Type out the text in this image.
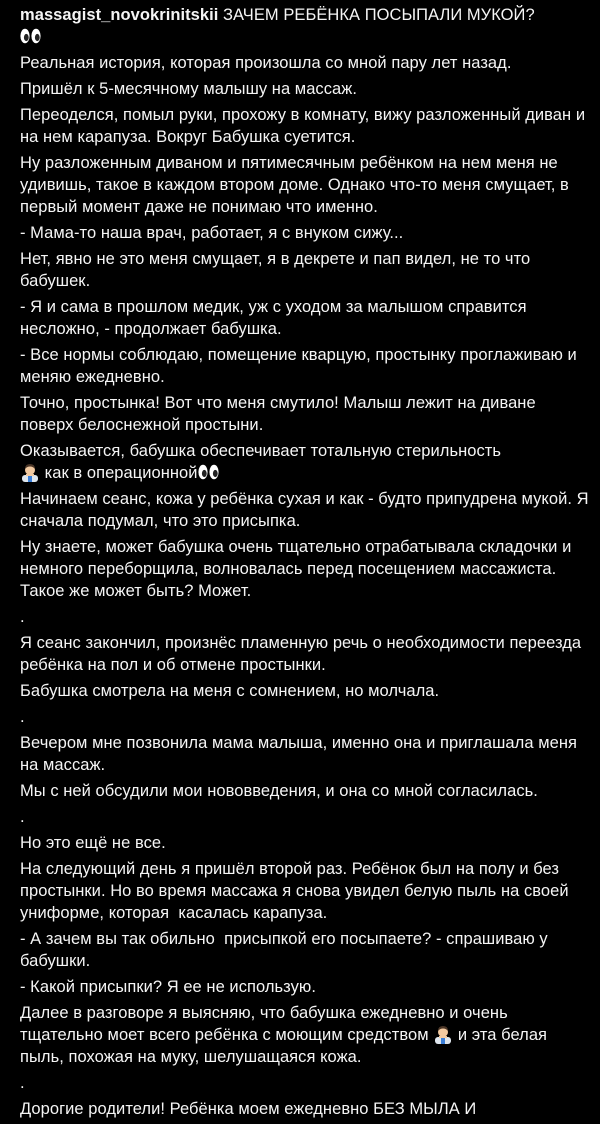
massagist_novokrinitskii ЗАЧЕМ РЕБЁНКА ПОСЫПАЛИ МУКОЙ?

Реальная история, которая произошла со мной пару лет назад.

Пришёл к 5-месячному малышу на массаж.

Переоделся, помыл руки, прохожу в комнату, вижу разложенный диван и на нем карапуза. Вокруг Бабушка суетится.

Ну разложенным диваном и пятимесячным ребёнком на нем меня не удивишь, такое в каждом втором доме. Однако что-то меня смущает, в первый момент даже не понимаю что именно.

- Мама-то наша врач, работает, я с внуком сижу...

Нет, явно не это меня смущает, я в декрете и пап видел, не то что бабушек.

- Я и сама в прошлом медик, уж с уходом за малышом справится несложно, - продолжает бабушка.

- Все нормы соблюдаю, помещение кварцую, простынку проглаживаю и меняю ежедневно.

Точно, простынка! Вот что меня смутило! Малыш лежит на диване поверх белоснежной простыни.

Оказывается, бабушка обеспечивает тотальную стерильность
как в операционной

Начинаем сеанс, кожа у ребёнка сухая и как - будто припудрена мукой. Я сначала подумал, что это присыпка.

Ну знаете, может бабушка очень тщательно отрабатывала складочки и немного переборщила, волновалась перед посещением массажиста. Такое же может быть? Может.

.

Я сеанс закончил, произнёс пламенную речь о необходимости переезда ребёнка на пол и об отмене простынки.

Бабушка смотрела на меня с сомнением, но молчала.

.

Вечером мне позвонила мама малыша, именно она и приглашала меня на массаж.

Мы с ней обсудили мои нововведения, и она со мной согласилась.

.

Но это ещё не все.

На следующий день я пришёл второй раз. Ребёнок был на полу и без простынки. Но во время массажа я снова увидел белую пыль на своей униформе, которая  касалась карапуза.

- А зачем вы так обильно  присыпкой его посыпаете? - спрашиваю у бабушки.

- Какой присыпки? Я ее не использую.

Далее в разговоре я выясняю, что бабушка ежедневно и очень тщательно моет всего ребёнка с моющим средством  и эта белая пыль, похожая на муку, шелушащаяся кожа.

.

Дорогие родители! Ребёнка моем ежедневно БЕЗ МЫЛА И
